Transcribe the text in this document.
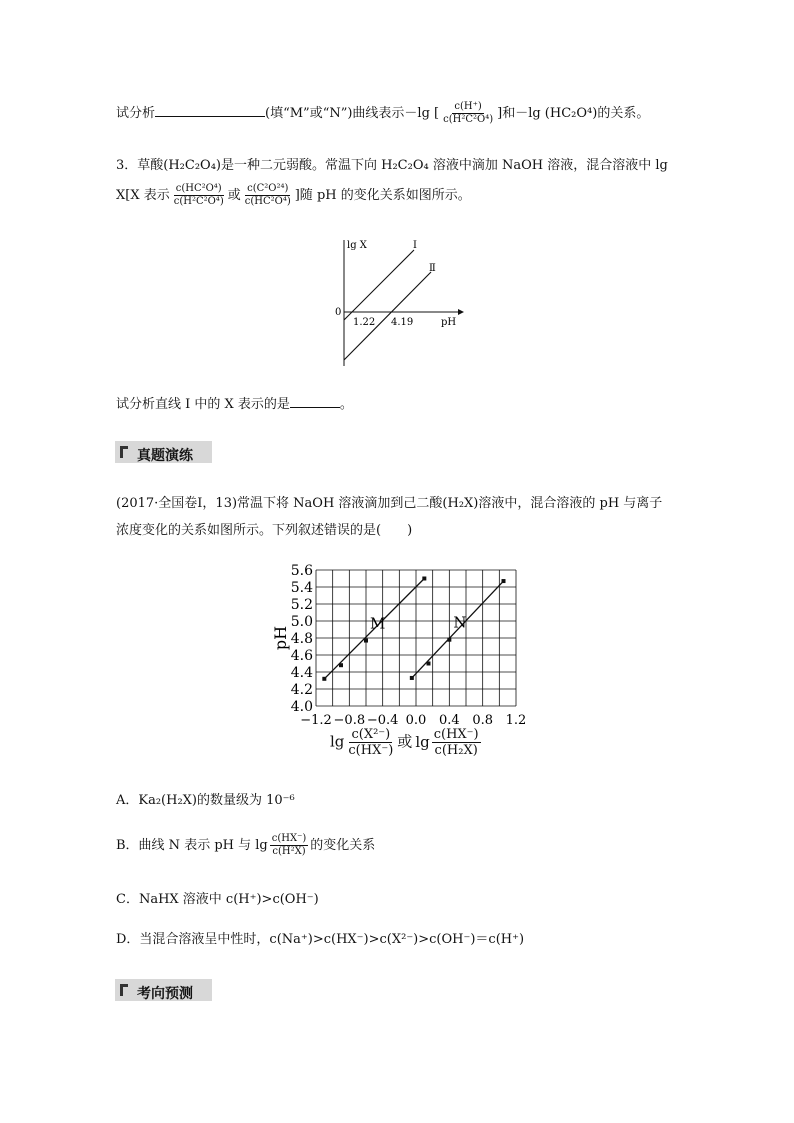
试分析	(填“M”或“N”)曲线表示－lg [ $\frac{c(H^+)}{\text{c(H²C²O⁴)}}$ ]和－lg (HC₂O⁴)的关系。
3．草酸(H₂C₂O₄)是一种二元弱酸。常温下向 H₂C₂O₄ 溶液中滴加 NaOH 溶液，混合溶液中 lg
X[X 表示 $\frac{\text{c(HC²O⁴)}}{\text{c(H²C²O⁴)}}$ 或 $\frac{\text{c(C²O²⁴)}}{\text{c(HC²O⁴)}}$ ]随 pH 的变化关系如图所示。
lg X	Ⅰ
Ⅱ
0
1.22 4.19	pH
试分析直线 Ⅰ 中的 X 表示的是	。
真题演练
(2017·全国卷Ⅰ，13)常温下将 NaOH 溶液滴加到己二酸(H₂X)溶液中，混合溶液的 pH 与离子
浓度变化的关系如图所示。下列叙述错误的是(　　)
4.0
4.2
4.4
4.6
4.8
5.0
5.2
5.4
5.6
−1.2 −0.8 −0.4 0.0 0.4 0.8 1.2
pH
M	N
$\lg \frac{\text{c(X²⁻)}}{c(HX^-)}$ 或 $\lg \frac{c(HX^-)}{\text{c(H₂X)}}$
A．Ka₂(H₂X)的数量级为 10⁻⁶
B．曲线 N 表示 pH 与 $\lg \frac{c(HX^-)}{\text{c(H²X)}}$ 的变化关系
C．NaHX 溶液中 c(H⁺)>c(OH⁻)
D．当混合溶液呈中性时，c(Na⁺)>c(HX⁻)>c(X²⁻)>c(OH⁻)＝c(H⁺)
考向预测
